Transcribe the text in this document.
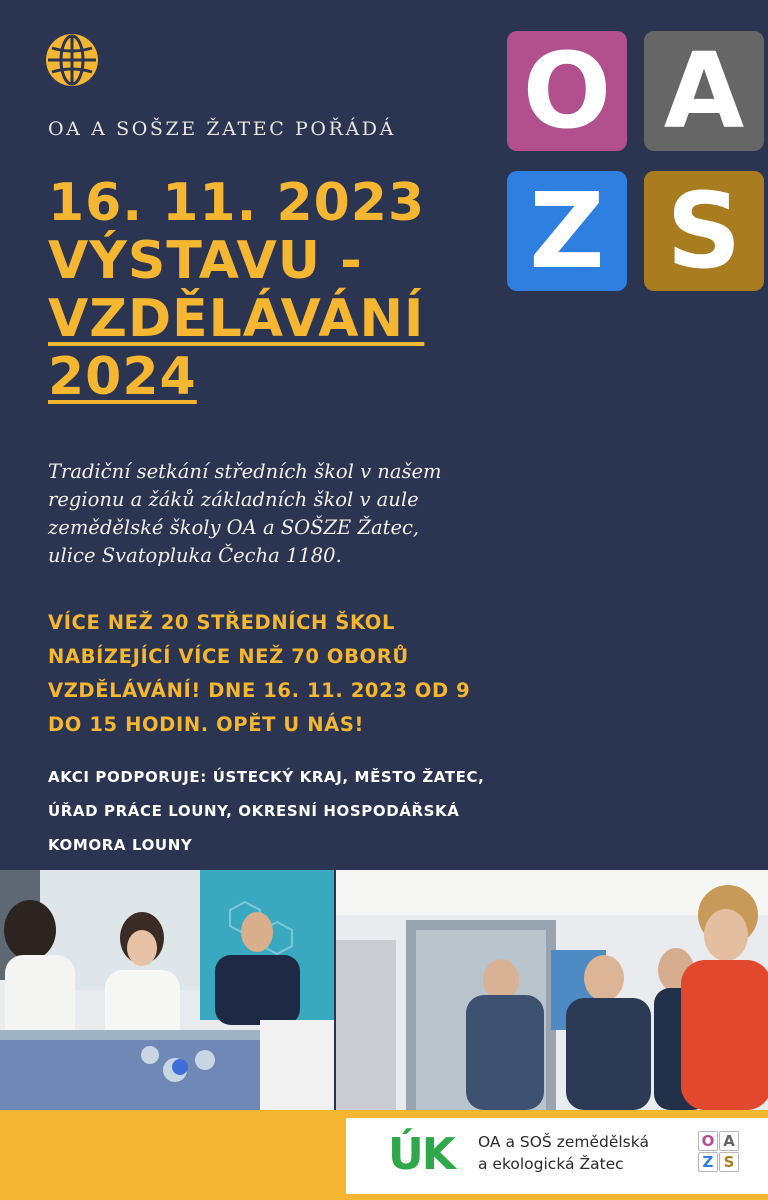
O A
Z S
OA A SOŠZE ŽATEC POŘÁDÁ
16. 11. 2023
VÝSTAVU -
VZDĚLÁVÁNÍ
2024
Tradiční setkání středních škol v našem
regionu a žáků základních škol v aule
zemědělské školy OA a SOŠZE Žatec,
ulice Svatopluka Čecha 1180.
VÍCE NEŽ 20 STŘEDNÍCH ŠKOL
NABÍZEJÍCÍ VÍCE NEŽ 70 OBORŮ
VZDĚLÁVÁNÍ! DNE 16. 11. 2023 OD 9
DO 15 HODIN. OPĚT U NÁS!
AKCI PODPORUJE: ÚSTECKÝ KRAJ, MĚSTO ŽATEC,
ÚŘAD PRÁCE LOUNY, OKRESNÍ HOSPODÁŘSKÁ
KOMORA LOUNY
ÚK OA a SOŠ zemědělská
a ekologická Žatec
O A
Z S
